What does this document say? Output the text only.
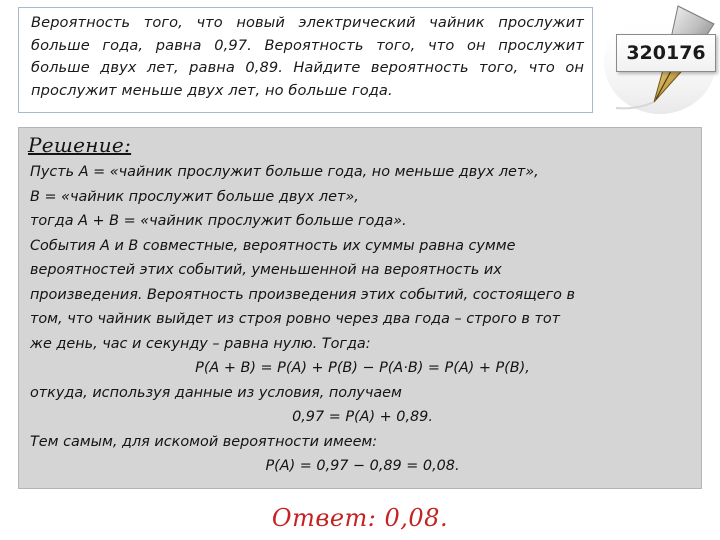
Вероятность того, что новый электрический чайник прослужит больше года, равна 0,97. Вероятность того, что он прослужит больше двух лет, равна 0,89. Найдите вероятность того, что он прослужит меньше двух лет, но больше года.
320176
Решение:
Пусть A = «чайник прослужит больше года, но меньше двух лет»,
B = «чайник прослужит больше двух лет»,
тогда A + B = «чайник прослужит больше года».
События A и B совместные, вероятность их суммы равна сумме
вероятностей этих событий, уменьшенной на вероятность их
произведения. Вероятность произведения этих событий, состоящего в
том, что чайник выйдет из строя ровно через два года – строго в тот
же день, час и секунду – равна нулю. Тогда:
P(A + B) = P(A) + P(B) − P(A·B) = P(A) + P(B),
откуда, используя данные из условия, получаем
0,97 = P(A) + 0,89.
Тем самым, для искомой вероятности имеем:
P(A) = 0,97 − 0,89 = 0,08.
Ответ: 0,08.
